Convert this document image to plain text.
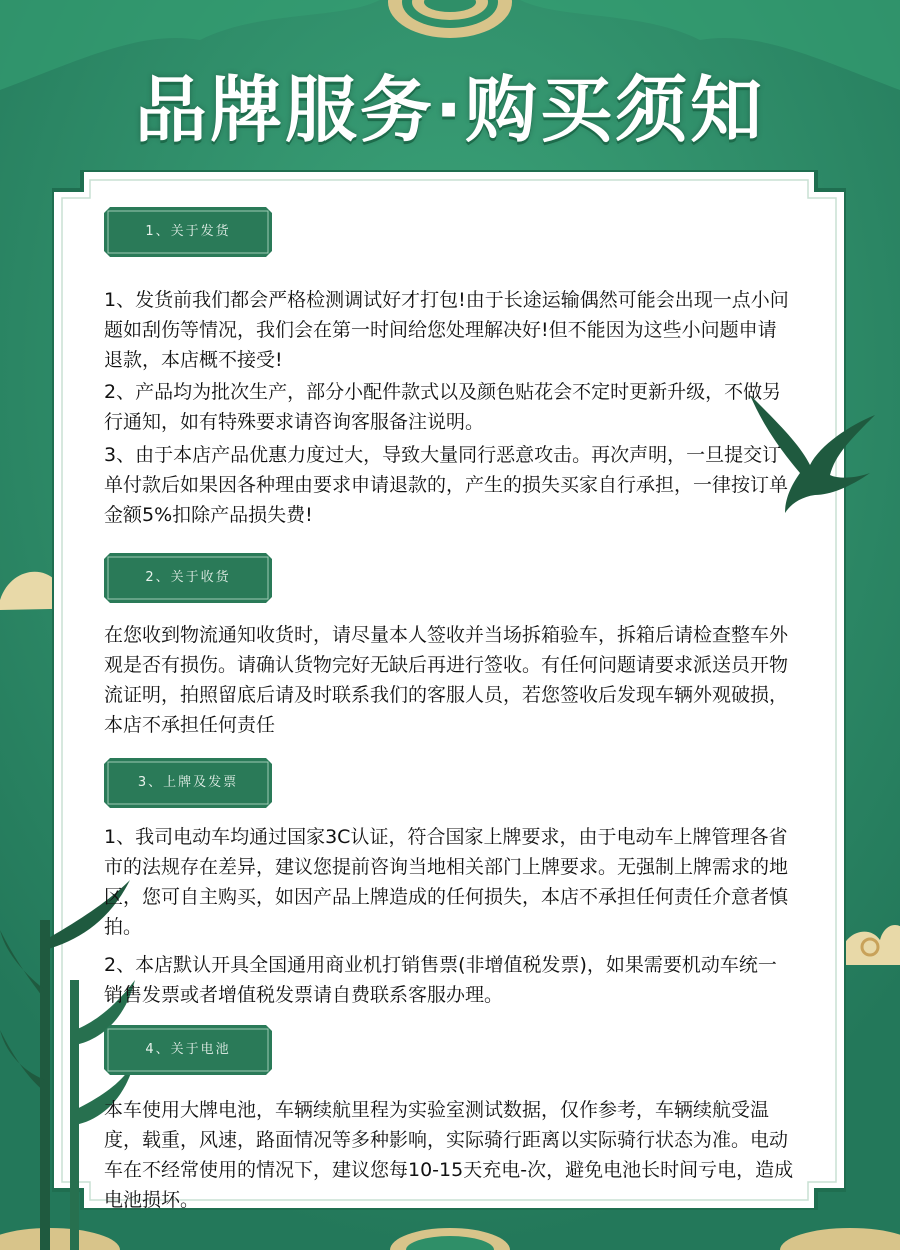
品牌服务·购买须知
1、关于发货

1、发货前我们都会严格检测调试好才打包!由于长途运输偶然可能会出现一点小问题如刮伤等情况，我们会在第一时间给您处理解决好!但不能因为这些小问题申请退款，本店概不接受!

2、产品均为批次生产，部分小配件款式以及颜色贴花会不定时更新升级，不做另行通知，如有特殊要求请咨询客服备注说明。

3、由于本店产品优惠力度过大，导致大量同行恶意攻击。再次声明，一旦提交订单付款后如果因各种理由要求申请退款的，产生的损失买家自行承担，一律按订单金额5%扣除产品损失费!

2、关于收货

在您收到物流通知收货时，请尽量本人签收并当场拆箱验车，拆箱后请检查整车外观是否有损伤。请确认货物完好无缺后再进行签收。有任何问题请要求派送员开物流证明，拍照留底后请及时联系我们的客服人员，若您签收后发现车辆外观破损，本店不承担任何责任

3、上牌及发票

1、我司电动车均通过国家3C认证，符合国家上牌要求，由于电动车上牌管理各省市的法规存在差异，建议您提前咨询当地相关部门上牌要求。无强制上牌需求的地区，您可自主购买，如因产品上牌造成的任何损失，本店不承担任何责任介意者慎拍。

2、本店默认开具全国通用商业机打销售票(非增值税发票)，如果需要机动车统一销售发票或者增值税发票请自费联系客服办理。

4、关于电池

本车使用大牌电池，车辆续航里程为实验室测试数据，仅作参考，车辆续航受温度，载重，风速，路面情况等多种影响，实际骑行距离以实际骑行状态为准。电动车在不经常使用的情况下，建议您每10-15天充电-次，避免电池长时间亏电，造成电池损坏。
